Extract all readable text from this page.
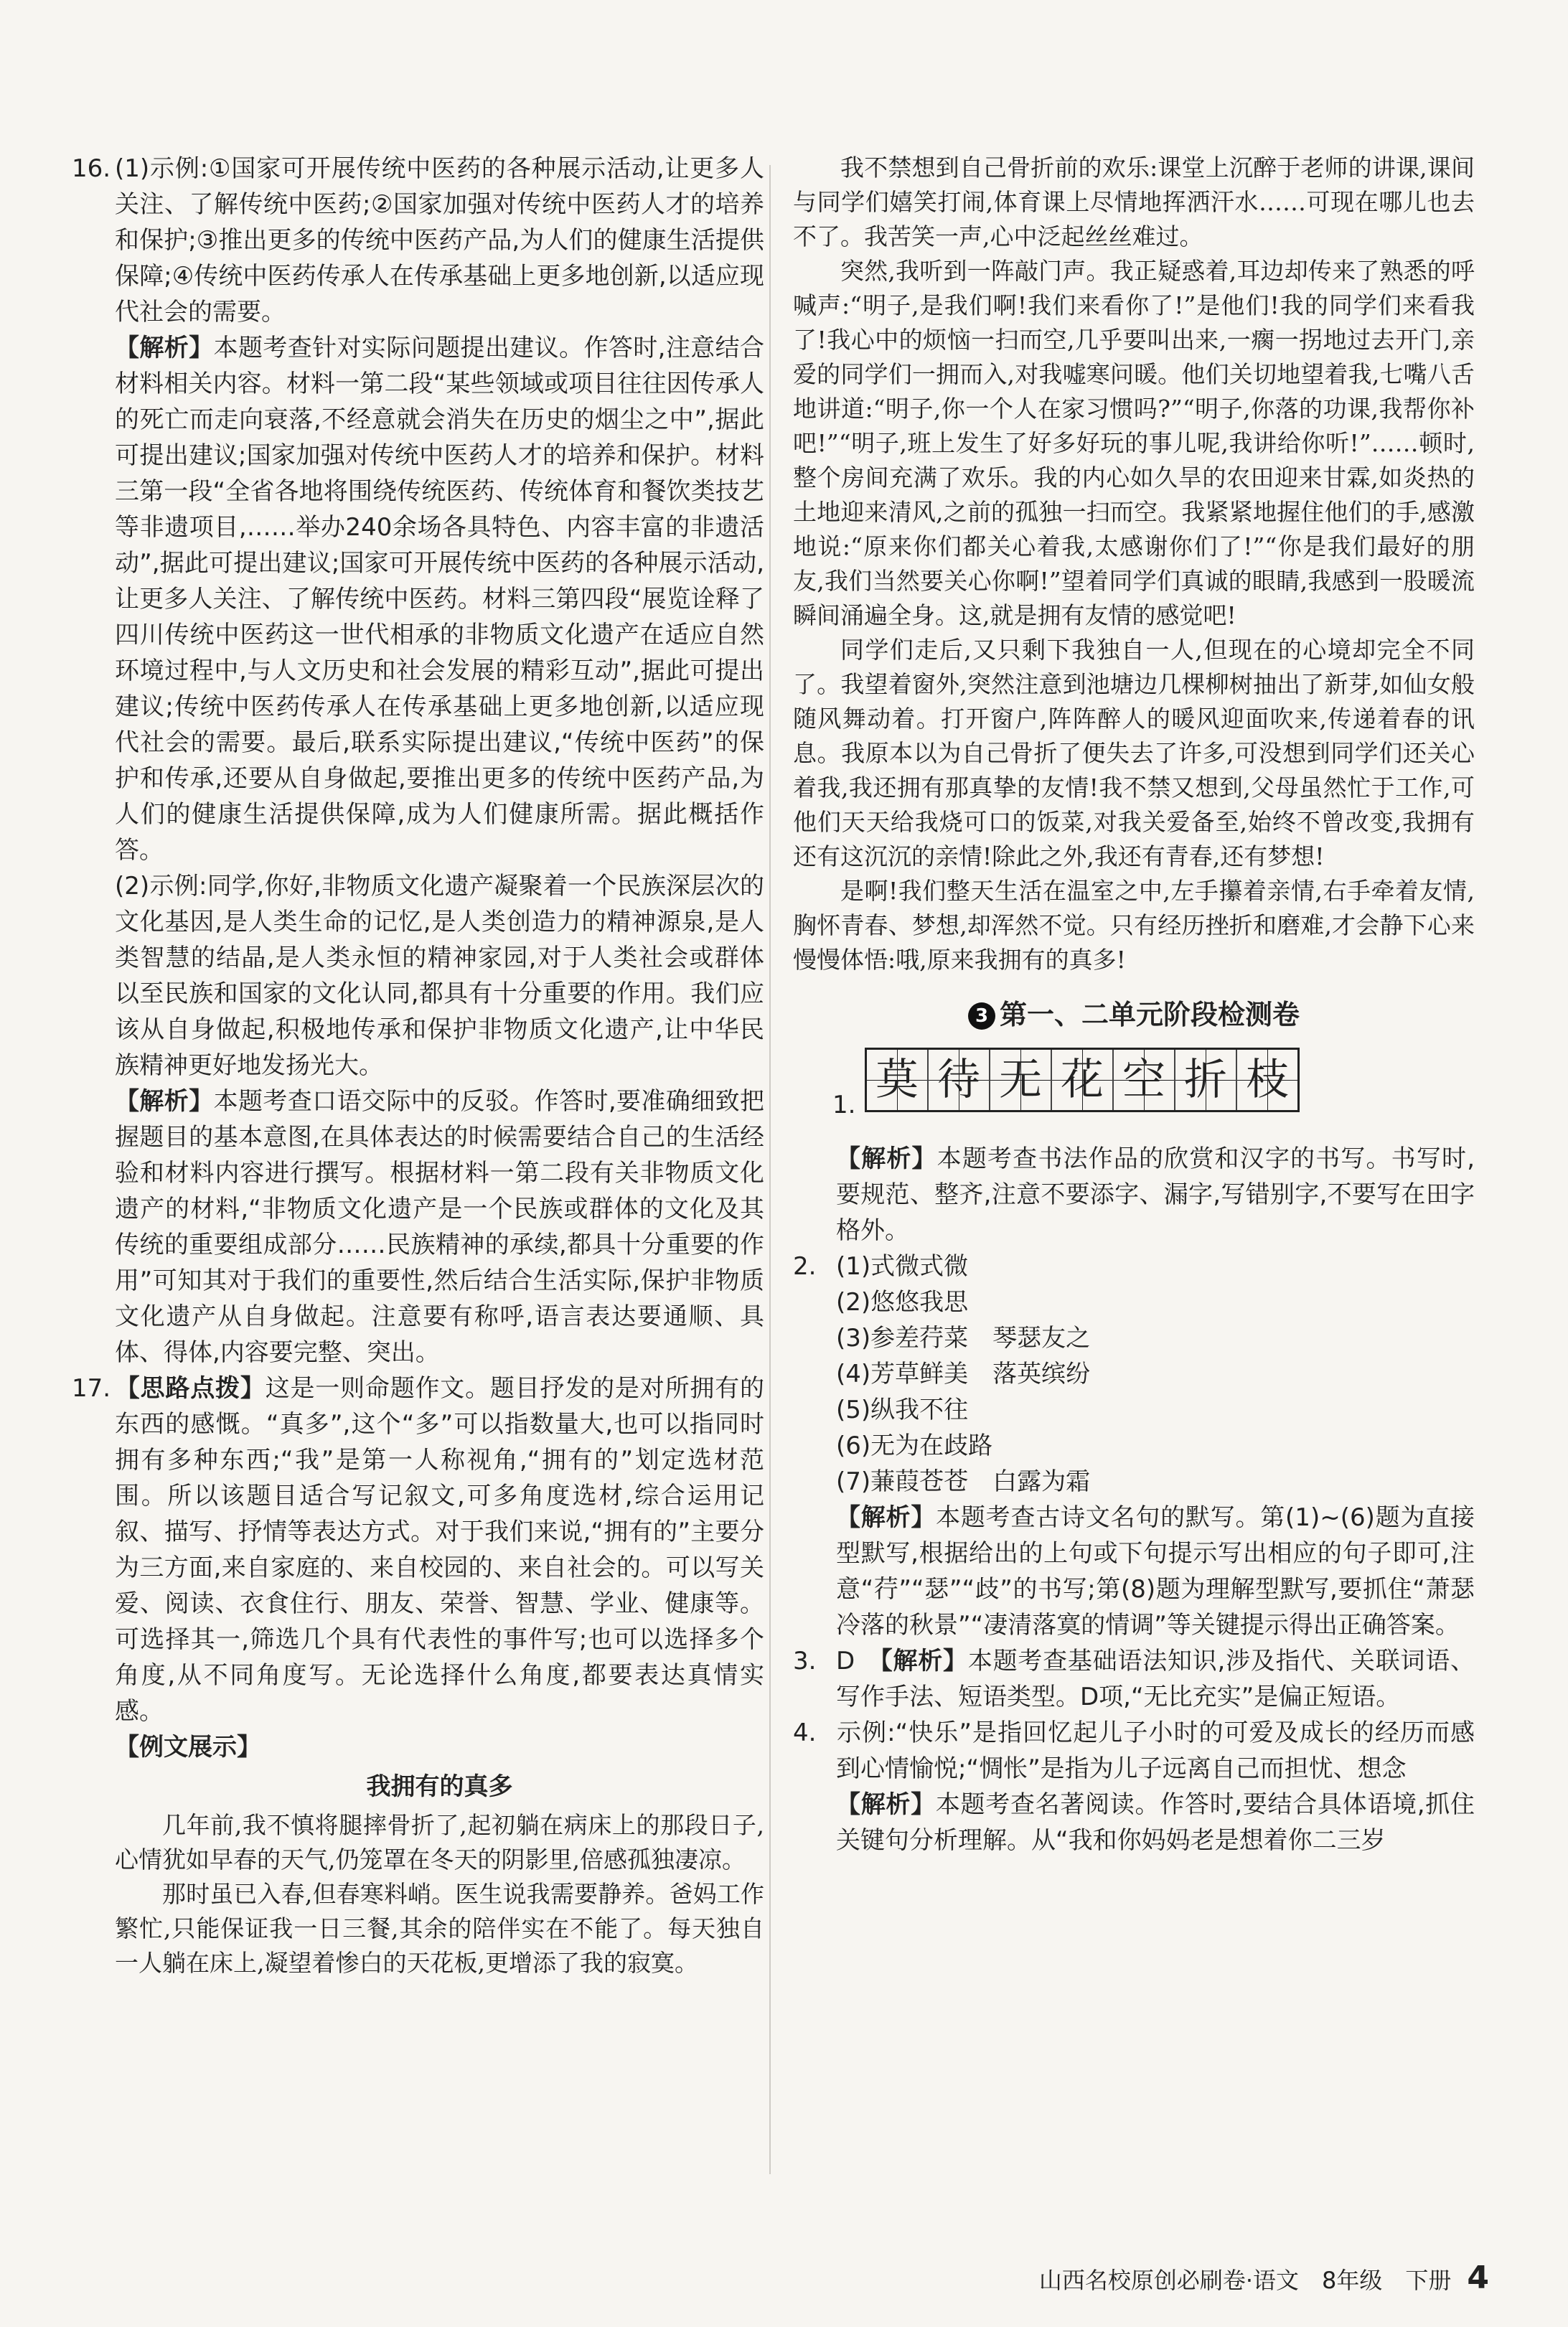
16. (1)示例:①国家可开展传统中医药的各种展示活动,让更多人关注、了解传统中医药;②国家加强对传统中医药人才的培养和保护;③推出更多的传统中医药产品,为人们的健康生活提供保障;④传统中医药传承人在传承基础上更多地创新,以适应现代社会的需要。

【解析】本题考查针对实际问题提出建议。作答时,注意结合材料相关内容。材料一第二段“某些领域或项目往往因传承人的死亡而走向衰落,不经意就会消失在历史的烟尘之中”,据此可提出建议;国家加强对传统中医药人才的培养和保护。材料三第一段“全省各地将围绕传统医药、传统体育和餐饮类技艺等非遗项目,……举办240余场各具特色、内容丰富的非遗活动”,据此可提出建议;国家可开展传统中医药的各种展示活动,让更多人关注、了解传统中医药。材料三第四段“展览诠释了四川传统中医药这一世代相承的非物质文化遗产在适应自然环境过程中,与人文历史和社会发展的精彩互动”,据此可提出建议;传统中医药传承人在传承基础上更多地创新,以适应现代社会的需要。最后,联系实际提出建议,“传统中医药”的保护和传承,还要从自身做起,要推出更多的传统中医药产品,为人们的健康生活提供保障,成为人们健康所需。据此概括作答。

(2)示例:同学,你好,非物质文化遗产凝聚着一个民族深层次的文化基因,是人类生命的记忆,是人类创造力的精神源泉,是人类智慧的结晶,是人类永恒的精神家园,对于人类社会或群体以至民族和国家的文化认同,都具有十分重要的作用。我们应该从自身做起,积极地传承和保护非物质文化遗产,让中华民族精神更好地发扬光大。

【解析】本题考查口语交际中的反驳。作答时,要准确细致把握题目的基本意图,在具体表达的时候需要结合自己的生活经验和材料内容进行撰写。根据材料一第二段有关非物质文化遗产的材料,“非物质文化遗产是一个民族或群体的文化及其传统的重要组成部分……民族精神的承续,都具十分重要的作用”可知其对于我们的重要性,然后结合生活实际,保护非物质文化遗产从自身做起。注意要有称呼,语言表达要通顺、具体、得体,内容要完整、突出。

17. 【思路点拨】这是一则命题作文。题目抒发的是对所拥有的东西的感慨。“真多”,这个“多”可以指数量大,也可以指同时拥有多种东西;“我”是第一人称视角,“拥有的”划定选材范围。所以该题目适合写记叙文,可多角度选材,综合运用记叙、描写、抒情等表达方式。对于我们来说,“拥有的”主要分为三方面,来自家庭的、来自校园的、来自社会的。可以写关爱、阅读、衣食住行、朋友、荣誉、智慧、学业、健康等。可选择其一,筛选几个具有代表性的事件写;也可以选择多个角度,从不同角度写。无论选择什么角度,都要表达真情实感。

【例文展示】

我拥有的真多

几年前,我不慎将腿摔骨折了,起初躺在病床上的那段日子,心情犹如早春的天气,仍笼罩在冬天的阴影里,倍感孤独凄凉。

那时虽已入春,但春寒料峭。医生说我需要静养。爸妈工作繁忙,只能保证我一日三餐,其余的陪伴实在不能了。每天独自一人躺在床上,凝望着惨白的天花板,更增添了我的寂寞。

我不禁想到自己骨折前的欢乐:课堂上沉醉于老师的讲课,课间与同学们嬉笑打闹,体育课上尽情地挥洒汗水……可现在哪儿也去不了。我苦笑一声,心中泛起丝丝难过。

突然,我听到一阵敲门声。我正疑惑着,耳边却传来了熟悉的呼喊声:“明子,是我们啊!我们来看你了!”是他们!我的同学们来看我了!我心中的烦恼一扫而空,几乎要叫出来,一瘸一拐地过去开门,亲爱的同学们一拥而入,对我嘘寒问暖。他们关切地望着我,七嘴八舌地讲道:“明子,你一个人在家习惯吗?”“明子,你落的功课,我帮你补吧!”“明子,班上发生了好多好玩的事儿呢,我讲给你听!”……顿时,整个房间充满了欢乐。我的内心如久旱的农田迎来甘霖,如炎热的土地迎来清风,之前的孤独一扫而空。我紧紧地握住他们的手,感激地说:“原来你们都关心着我,太感谢你们了!”“你是我们最好的朋友,我们当然要关心你啊!”望着同学们真诚的眼睛,我感到一股暖流瞬间涌遍全身。这,就是拥有友情的感觉吧!

同学们走后,又只剩下我独自一人,但现在的心境却完全不同了。我望着窗外,突然注意到池塘边几棵柳树抽出了新芽,如仙女般随风舞动着。打开窗户,阵阵醉人的暖风迎面吹来,传递着春的讯息。我原本以为自己骨折了便失去了许多,可没想到同学们还关心着我,我还拥有那真挚的友情!我不禁又想到,父母虽然忙于工作,可他们天天给我烧可口的饭菜,对我关爱备至,始终不曾改变,我拥有还有这沉沉的亲情!除此之外,我还有青春,还有梦想!

是啊!我们整天生活在温室之中,左手攥着亲情,右手牵着友情,胸怀青春、梦想,却浑然不觉。只有经历挫折和磨难,才会静下心来慢慢体悟:哦,原来我拥有的真多!

3 第一、二单元阶段检测卷
1. 莫 待 无 花 空 折 枝

【解析】本题考查书法作品的欣赏和汉字的书写。书写时,要规范、整齐,注意不要添字、漏字,写错别字,不要写在田字格外。

2. (1)式微式微

(2)悠悠我思

(3)参差荇菜　琴瑟友之

(4)芳草鲜美　落英缤纷

(5)纵我不往

(6)无为在歧路

(7)蒹葭苍苍　白露为霜

【解析】本题考查古诗文名句的默写。第(1)~(6)题为直接型默写,根据给出的上句或下句提示写出相应的句子即可,注意“荇”“瑟”“歧”的书写;第(8)题为理解型默写,要抓住“萧瑟冷落的秋景”“凄清落寞的情调”等关键提示得出正确答案。

3. D　 【解析】本题考查基础语法知识,涉及指代、关联词语、写作手法、短语类型。D项,“无比充实”是偏正短语。

4. 示例:“快乐”是指回忆起儿子小时的可爱及成长的经历而感到心情愉悦;“惆怅”是指为儿子远离自己而担忧、想念

【解析】本题考查名著阅读。作答时,要结合具体语境,抓住关键句分析理解。从“我和你妈妈老是想着你二三岁

山西名校原创必刷卷·语文　8年级　下册 4
